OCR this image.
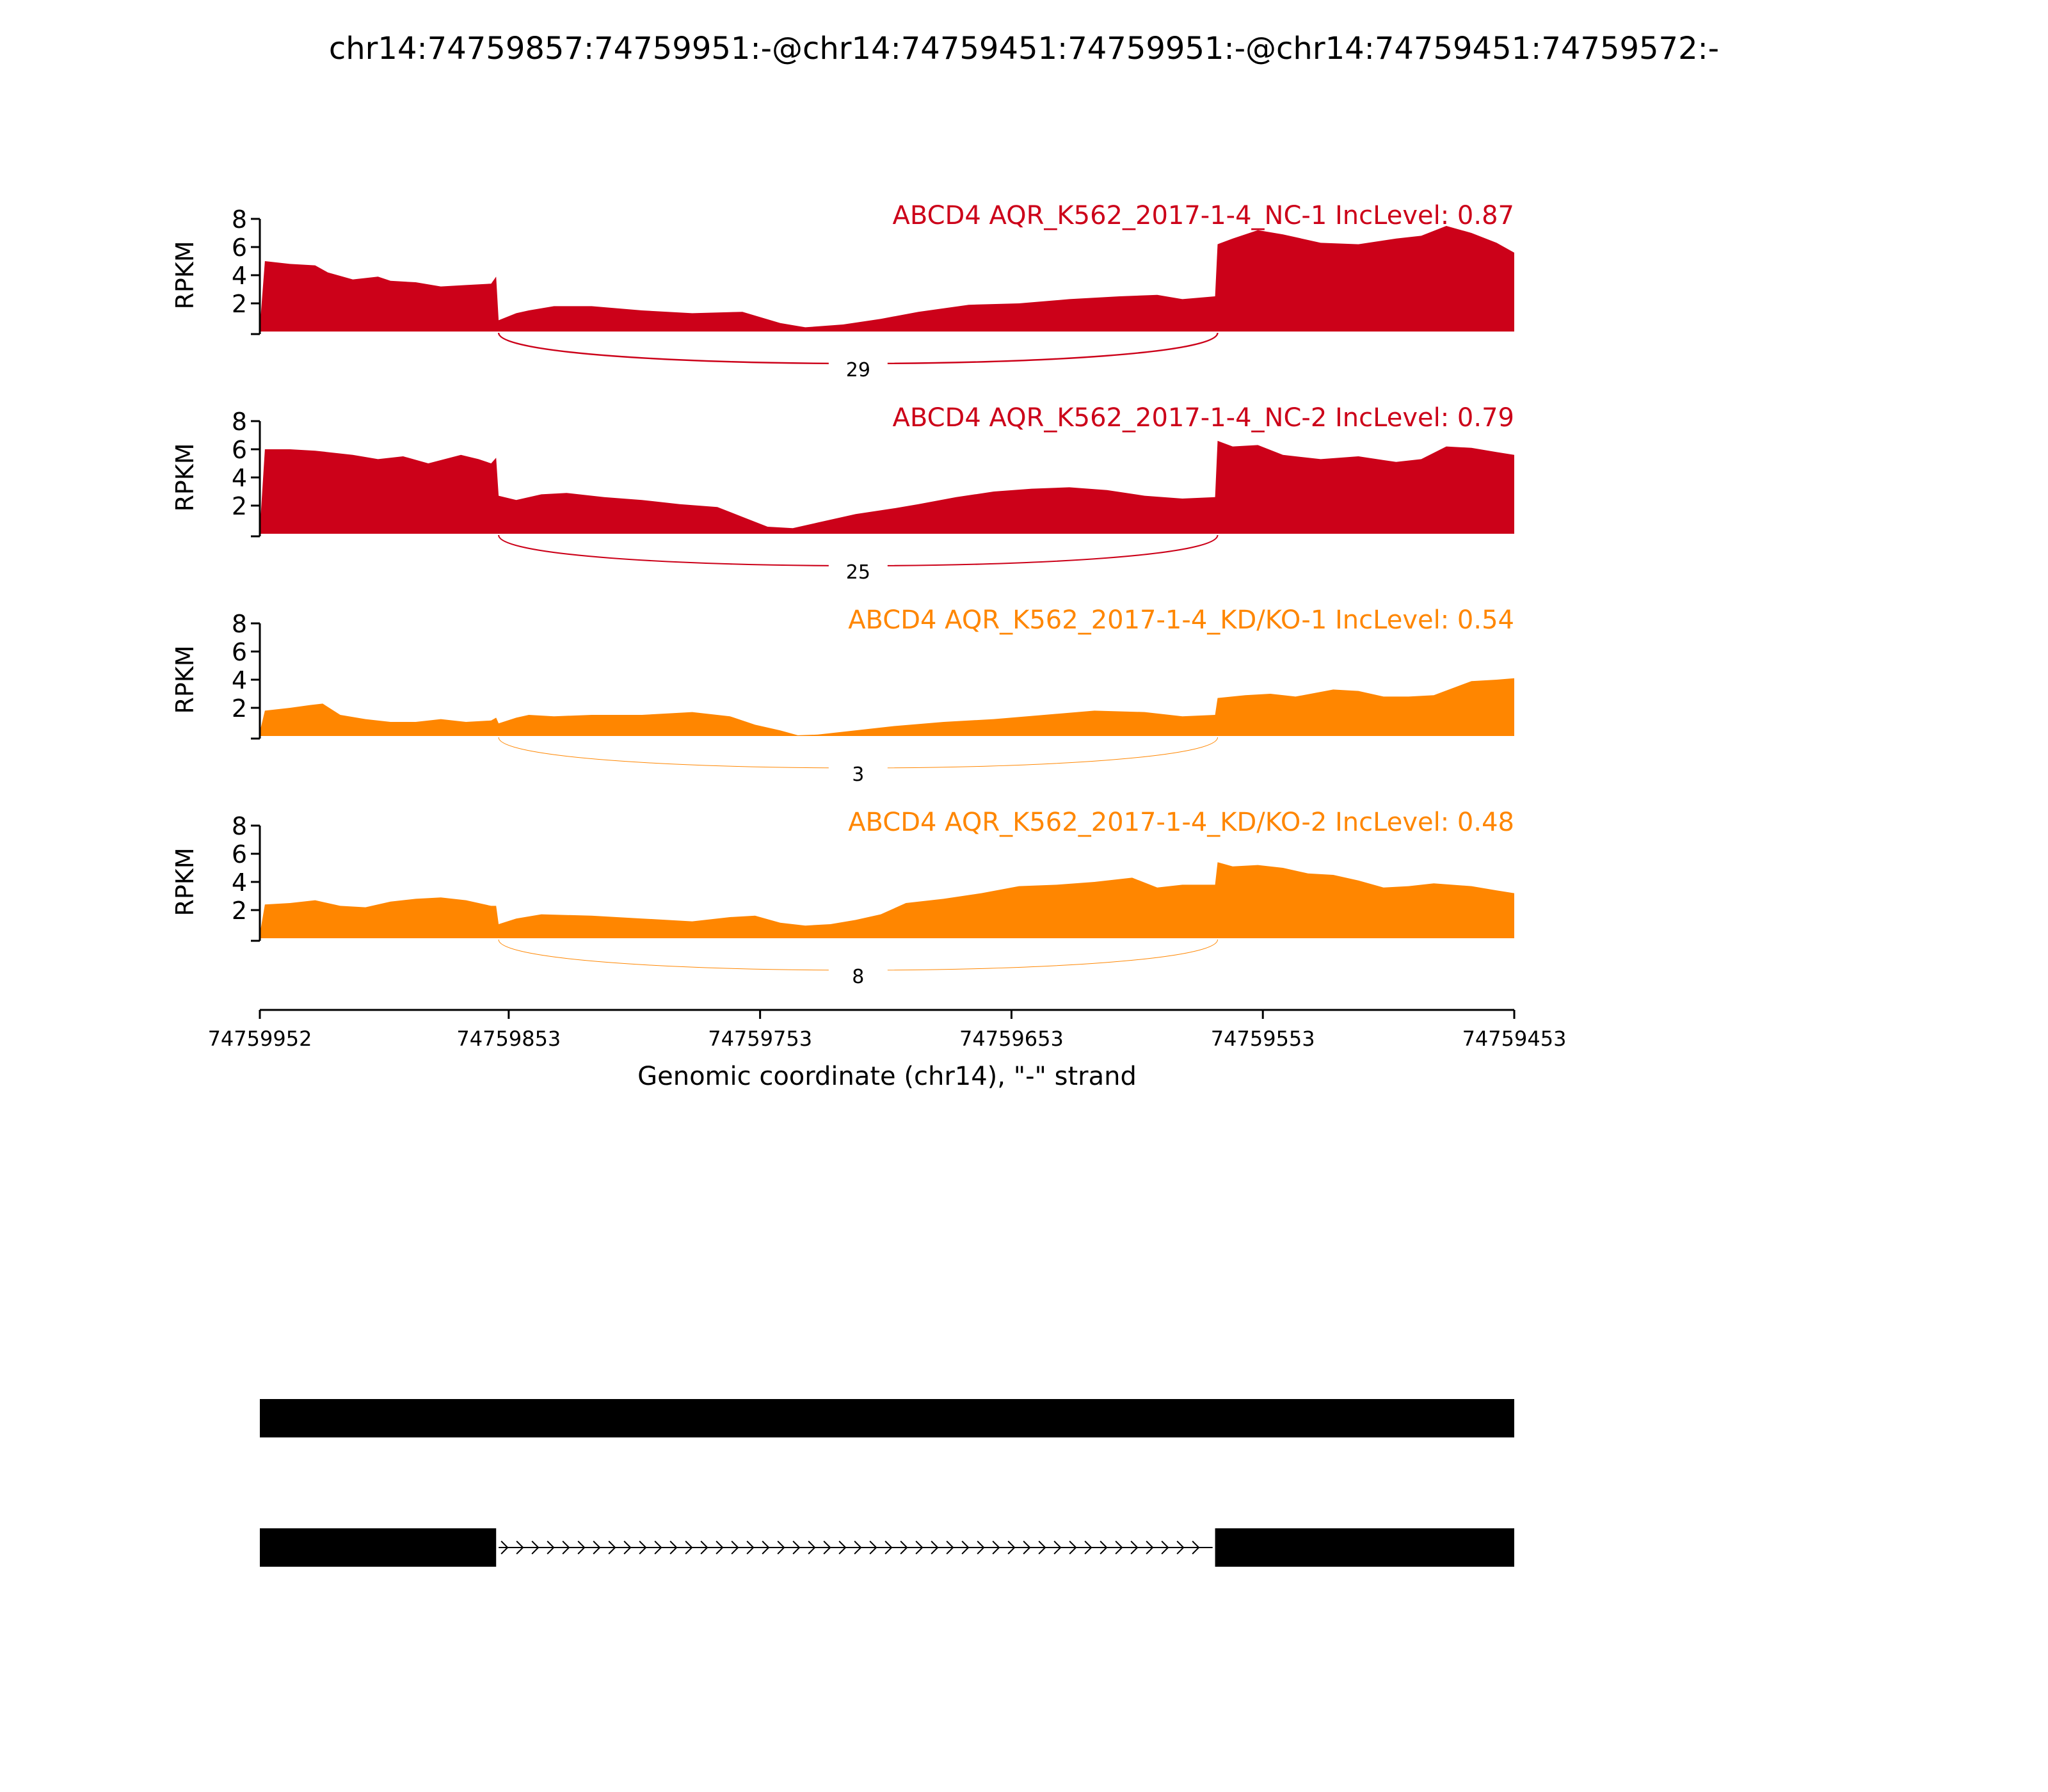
chr14:74759857:74759951:-@chr14:74759451:74759951:-@chr14:74759451:74759572:-
2
4
6
8
RPKM
ABCD4 AQR_K562_2017-1-4_NC-1 IncLevel: 0.87
29
2
4
6
8
RPKM
ABCD4 AQR_K562_2017-1-4_NC-2 IncLevel: 0.79
25
2
4
6
8
RPKM
ABCD4 AQR_K562_2017-1-4_KD/KO-1 IncLevel: 0.54
3
2
4
6
8
RPKM
ABCD4 AQR_K562_2017-1-4_KD/KO-2 IncLevel: 0.48
8
74759952	74759853	74759753	74759653	74759553	74759453
Genomic coordinate (chr14), "-" strand
